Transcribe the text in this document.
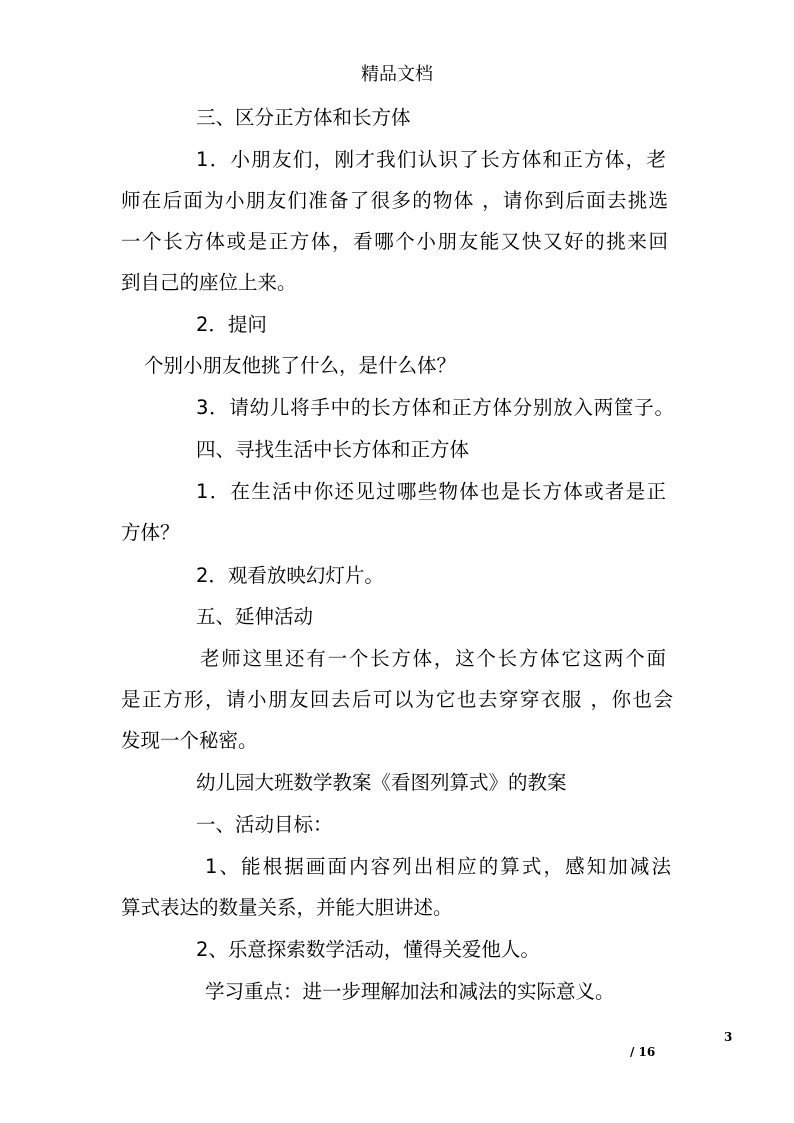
精品文档
三、区分正方体和长方体
1．小朋友们，刚才我们认识了长方体和正方体，老
师在后面为小朋友们准备了很多的物体 ，请你到后面去挑选
一个长方体或是正方体，看哪个小朋友能又快又好的挑来回
到自己的座位上来。
2．提问
个别小朋友他挑了什么，是什么体？
3．请幼儿将手中的长方体和正方体分别放入两筐子。
四、寻找生活中长方体和正方体
1．在生活中你还见过哪些物体也是长方体或者是正
方体？
2．观看放映幻灯片。
五、延伸活动
老师这里还有一个长方体，这个长方体它这两个面
是正方形，请小朋友回去后可以为它也去穿穿衣服 ，你也会
发现一个秘密。
幼儿园大班数学教案《看图列算式》的教案
一、活动目标：
1、能根据画面内容列出相应的算式，感知加减法
算式表达的数量关系，并能大胆讲述。
2、乐意探索数学活动，懂得关爱他人。
学习重点：进一步理解加法和减法的实际意义。
3
/ 16
